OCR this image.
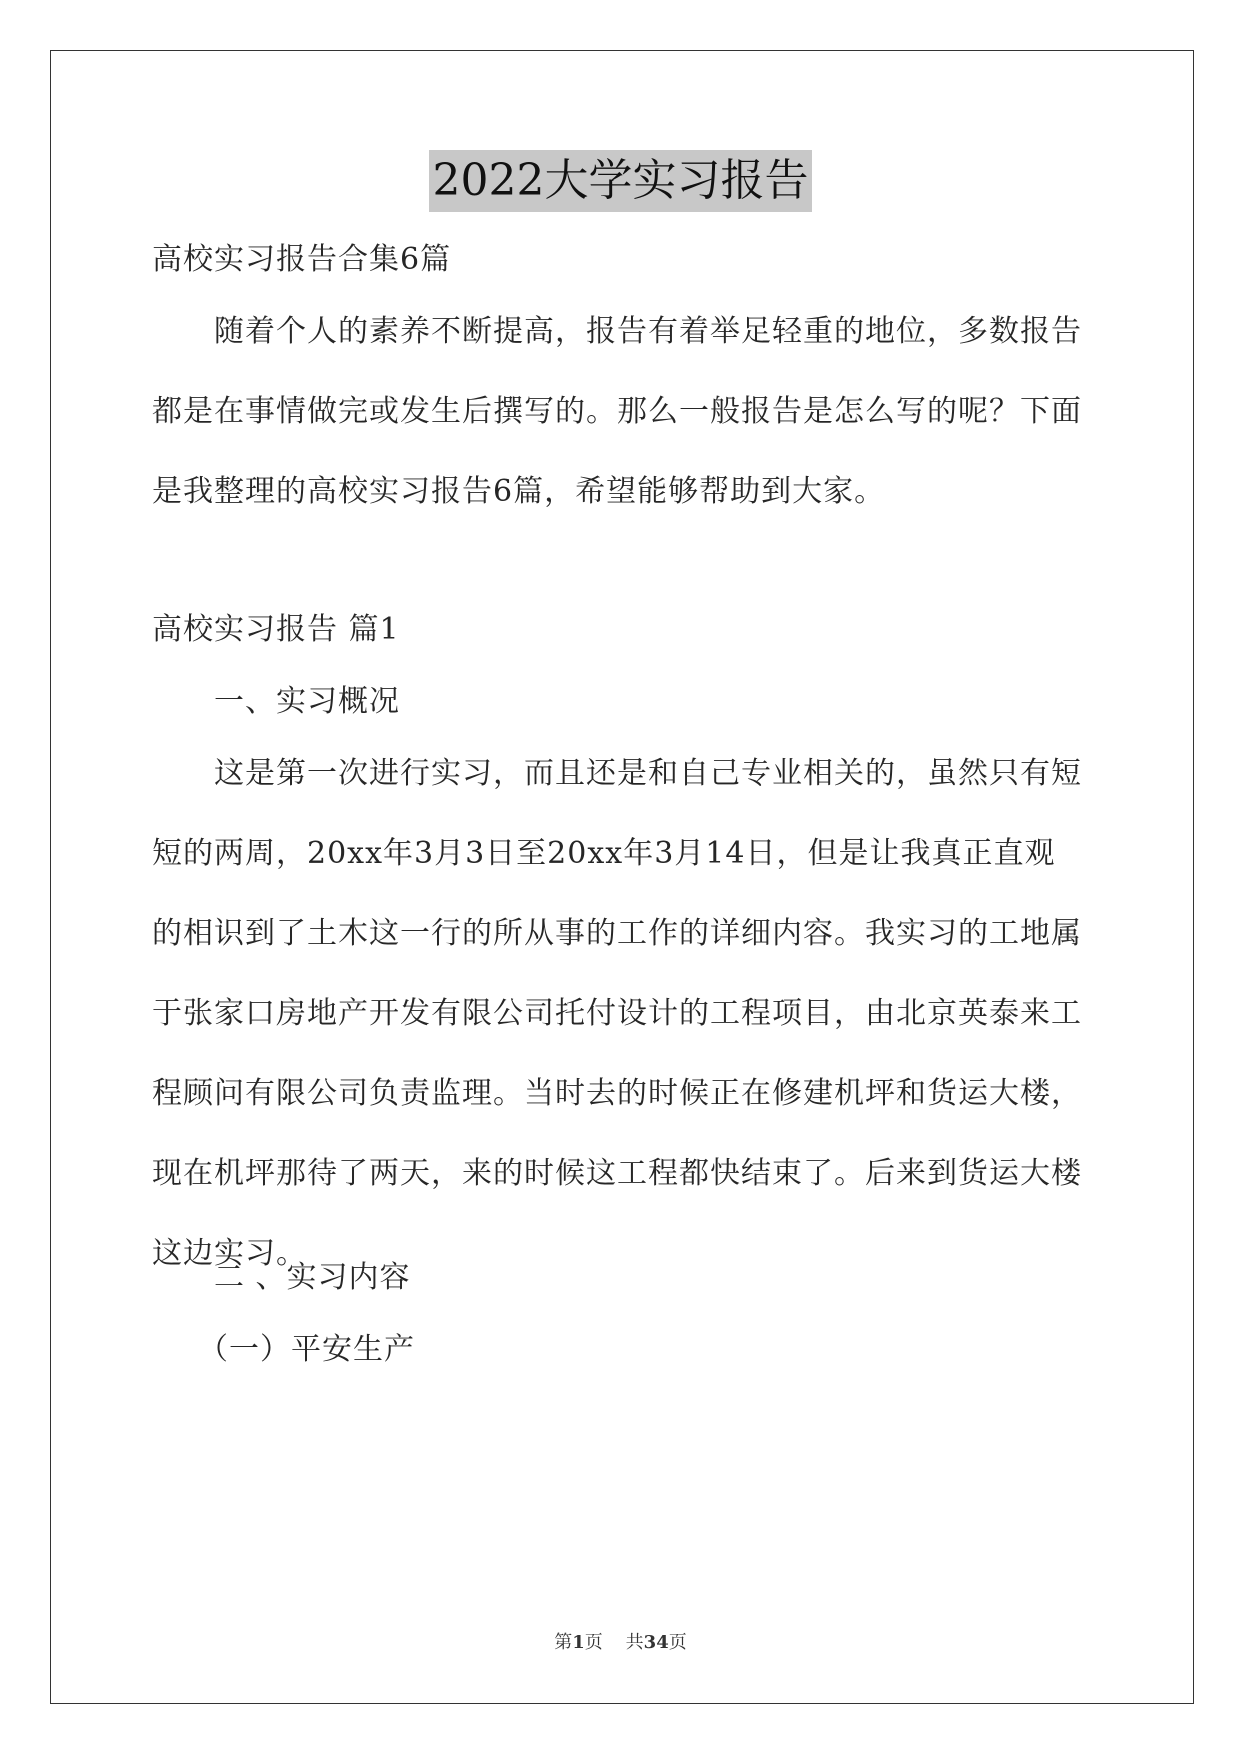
2022大学实习报告

高校实习报告合集6篇

随着个人的素养不断提高，报告有着举足轻重的地位，多数报告
都是在事情做完或发生后撰写的。那么一般报告是怎么写的呢？下面
是我整理的高校实习报告6篇，希望能够帮助到大家。

高校实习报告 篇1

一、实习概况

这是第一次进行实习，而且还是和自己专业相关的，虽然只有短
短的两周，20xx年3月3日至20xx年3月14日，但是让我真正直观
的相识到了土木这一行的所从事的工作的详细内容。我实习的工地属
于张家口房地产开发有限公司托付设计的工程项目，由北京英泰来工
程顾问有限公司负责监理。当时去的时候正在修建机坪和货运大楼，
现在机坪那待了两天，来的时候这工程都快结束了。后来到货运大楼
这边实习。

二 、实习内容

（一）平安生产

第1页 共34页
